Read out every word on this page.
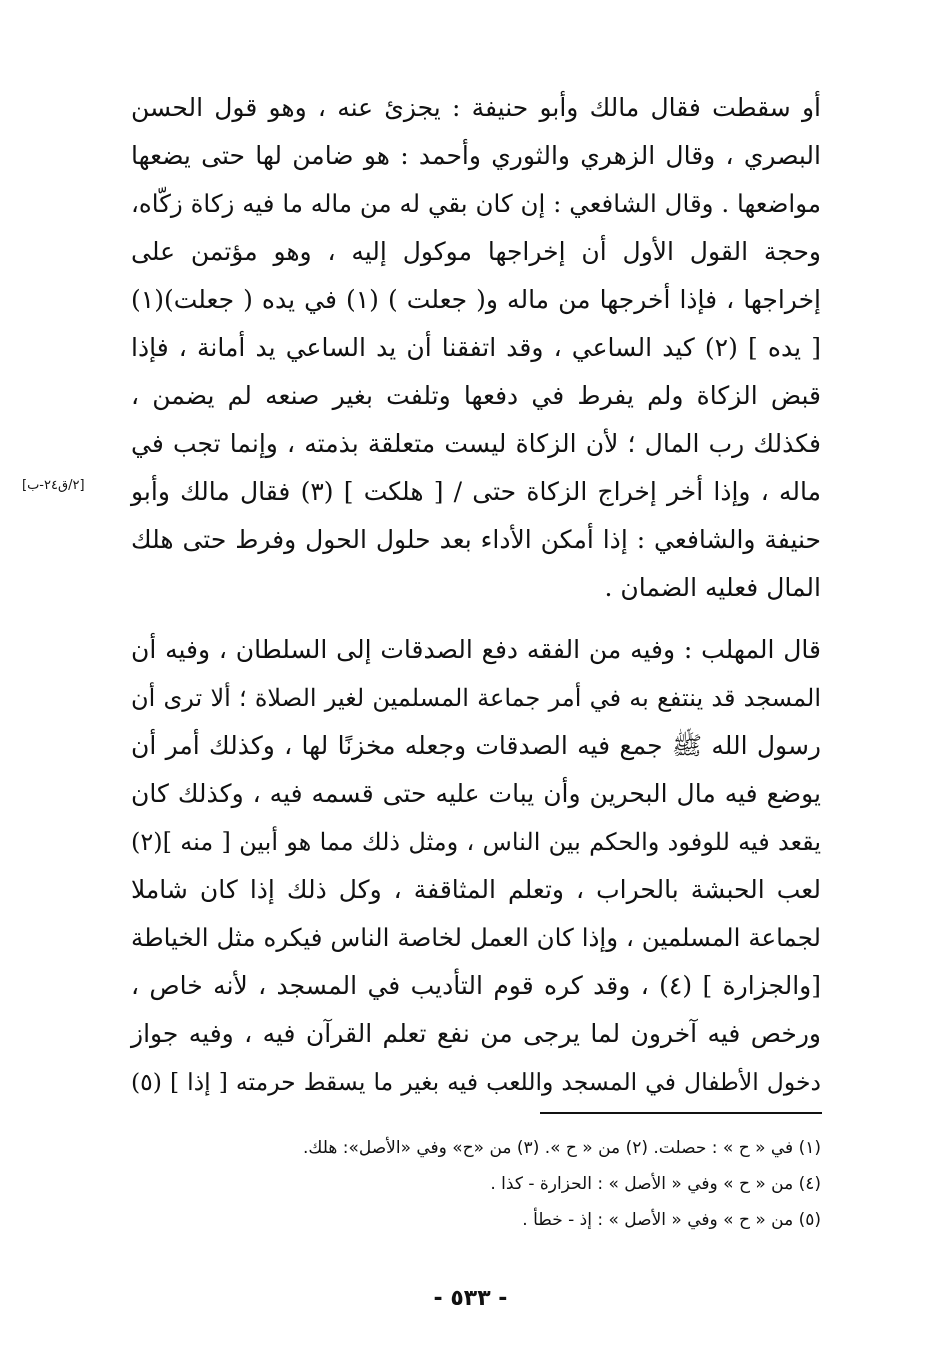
أو سقطت فقال مالك وأبو حنيفة : يجزئ عنه ، وهو قول الحسن
البصري ، وقال الزهري والثوري وأحمد : هو ضامن لها حتى يضعها
مواضعها . وقال الشافعي : إن كان بقي له من ماله ما فيه زكاة زكّاه،
وحجة القول الأول أن إخراجها موكول إليه ، وهو مؤتمن على
إخراجها ، فإذا أخرجها من ماله و( جعلت ) (١) في يده ( جعلت)(١)
[ يده ] (٢) كيد الساعي ، وقد اتفقنا أن يد الساعي يد أمانة ، فإذا
قبض الزكاة ولم يفرط في دفعها وتلفت بغير صنعه لم يضمن ،
فكذلك رب المال ؛ لأن الزكاة ليست متعلقة بذمته ، وإنما تجب في
ماله ، وإذا أخر إخراج الزكاة حتى / [ هلكت ] (٣) فقال مالك وأبو
حنيفة والشافعي : إذا أمكن الأداء بعد حلول الحول وفرط حتى هلك
المال فعليه الضمان .
[٢/ق٢٤-ب]
قال المهلب : وفيه من الفقه دفع الصدقات إلى السلطان ، وفيه أن
المسجد قد ينتفع به في أمر جماعة المسلمين لغير الصلاة ؛ ألا ترى أن
رسول الله ﷺ جمع فيه الصدقات وجعله مخزنًا لها ، وكذلك أمر أن
يوضع فيه مال البحرين وأن يبات عليه حتى قسمه فيه ، وكذلك كان
يقعد فيه للوفود والحكم بين الناس ، ومثل ذلك مما هو أبين [ منه ](٢)
لعب الحبشة بالحراب ، وتعلم المثاقفة ، وكل ذلك إذا كان شاملا
لجماعة المسلمين ، وإذا كان العمل لخاصة الناس فيكره مثل الخياطة
[والجزارة ] (٤) ، وقد كره قوم التأديب في المسجد ، لأنه خاص ،
ورخص فيه آخرون لما يرجى من نفع تعلم القرآن فيه ، وفيه جواز
دخول الأطفال في المسجد واللعب فيه بغير ما يسقط حرمته [ إذا ] (٥)
(١) في « ح » : حصلت. (٢) من « ح ». (٣) من «ح» وفي «الأصل»: هلك.
(٤) من « ح » وفي « الأصل » : الحزارة - كذا .
(٥) من « ح » وفي « الأصل » : إذ - خطأ .
- ٥٣٣ -
